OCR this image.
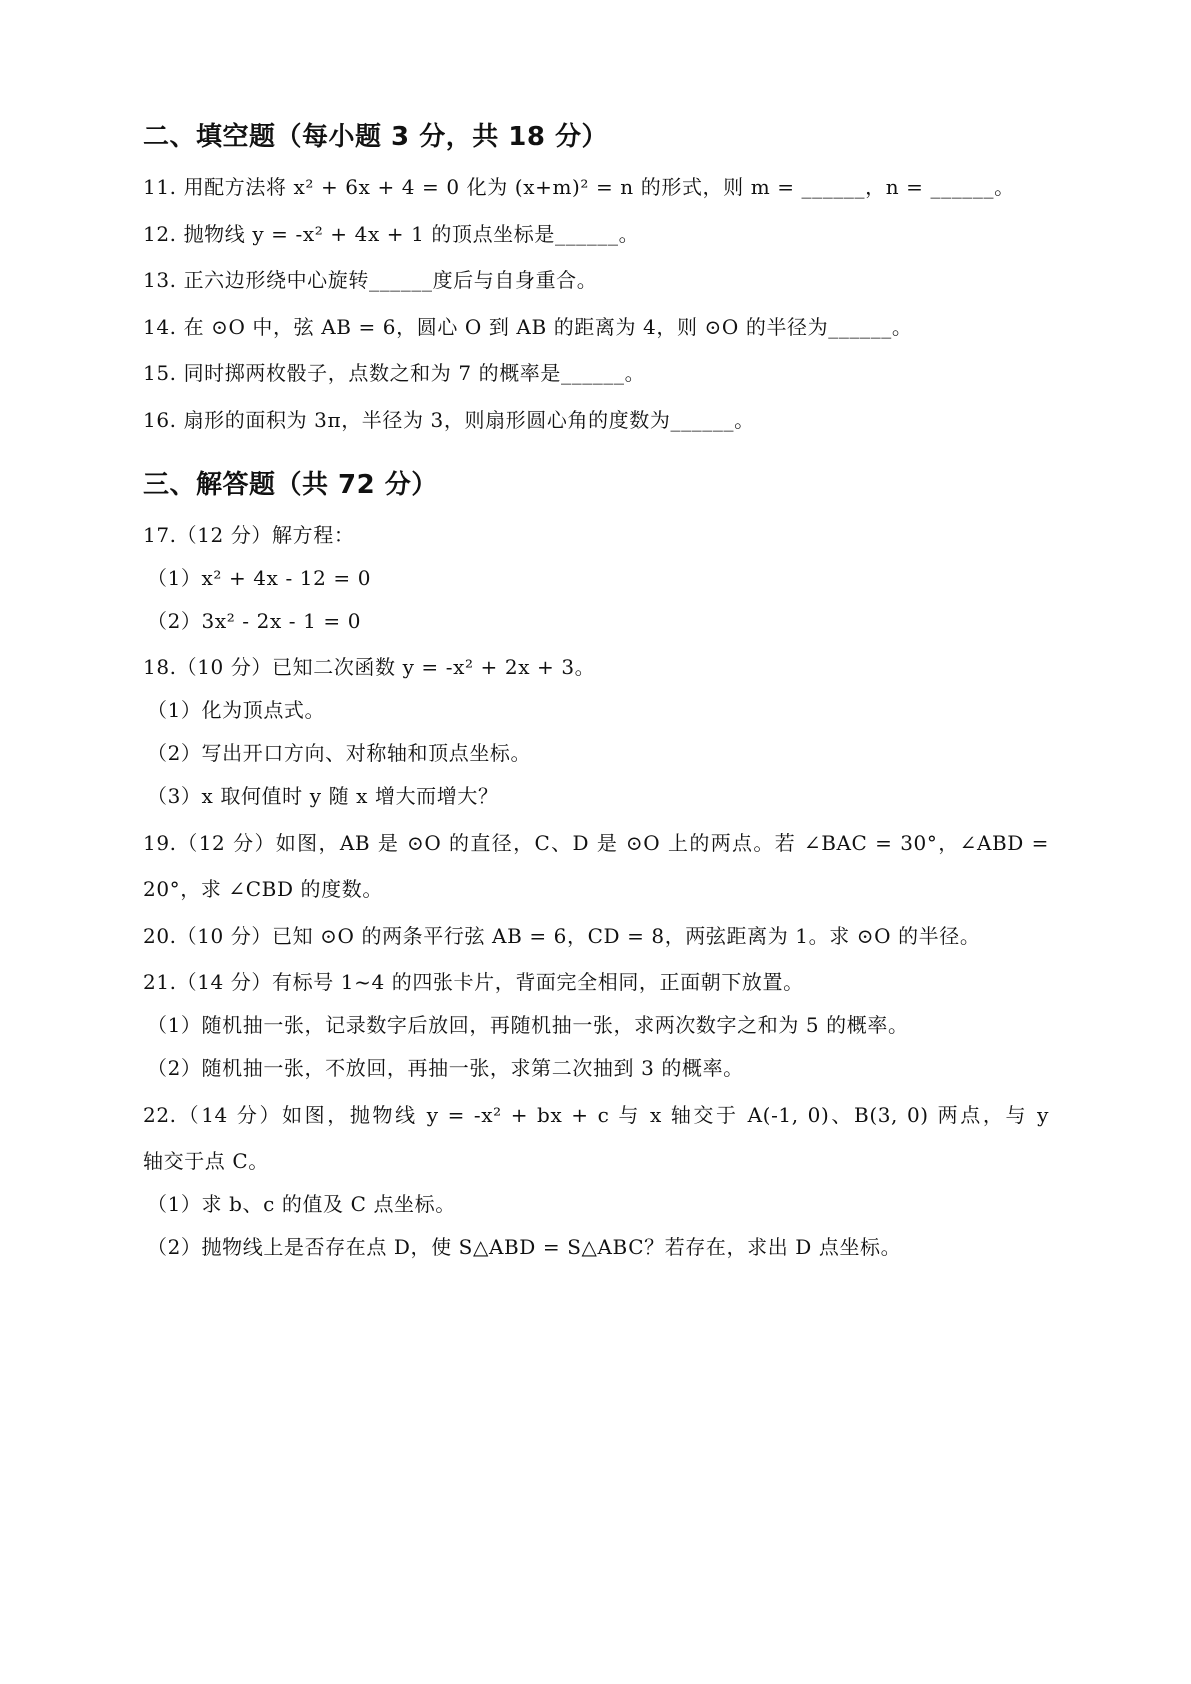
二、填空题（每小题 3 分，共 18 分）
11. 用配方法将 x² + 6x + 4 = 0 化为 (x+m)² = n 的形式，则 m = ______，n = ______。
12. 抛物线 y = -x² + 4x + 1 的顶点坐标是______。
13. 正六边形绕中心旋转______度后与自身重合。
14. 在 ⊙O 中，弦 AB = 6，圆心 O 到 AB 的距离为 4，则 ⊙O 的半径为______。
15. 同时掷两枚骰子，点数之和为 7 的概率是______。
16. 扇形的面积为 3π，半径为 3，则扇形圆心角的度数为______。
三、解答题（共 72 分）
17.（12 分）解方程：
（1）x² + 4x - 12 = 0
（2）3x² - 2x - 1 = 0
18.（10 分）已知二次函数 y = -x² + 2x + 3。
（1）化为顶点式。
（2）写出开口方向、对称轴和顶点坐标。
（3）x 取何值时 y 随 x 增大而增大？
19.（12 分）如图，AB 是 ⊙O 的直径，C、D 是 ⊙O 上的两点。若 ∠BAC = 30°，∠ABD =
20°，求 ∠CBD 的度数。
20.（10 分）已知 ⊙O 的两条平行弦 AB = 6，CD = 8，两弦距离为 1。求 ⊙O 的半径。
21.（14 分）有标号 1~4 的四张卡片，背面完全相同，正面朝下放置。
（1）随机抽一张，记录数字后放回，再随机抽一张，求两次数字之和为 5 的概率。
（2）随机抽一张，不放回，再抽一张，求第二次抽到 3 的概率。
22.（14 分）如图，抛物线 y = -x² + bx + c 与 x 轴交于 A(-1, 0)、B(3, 0) 两点，与 y
轴交于点 C。
（1）求 b、c 的值及 C 点坐标。
（2）抛物线上是否存在点 D，使 S△ABD = S△ABC？若存在，求出 D 点坐标。
